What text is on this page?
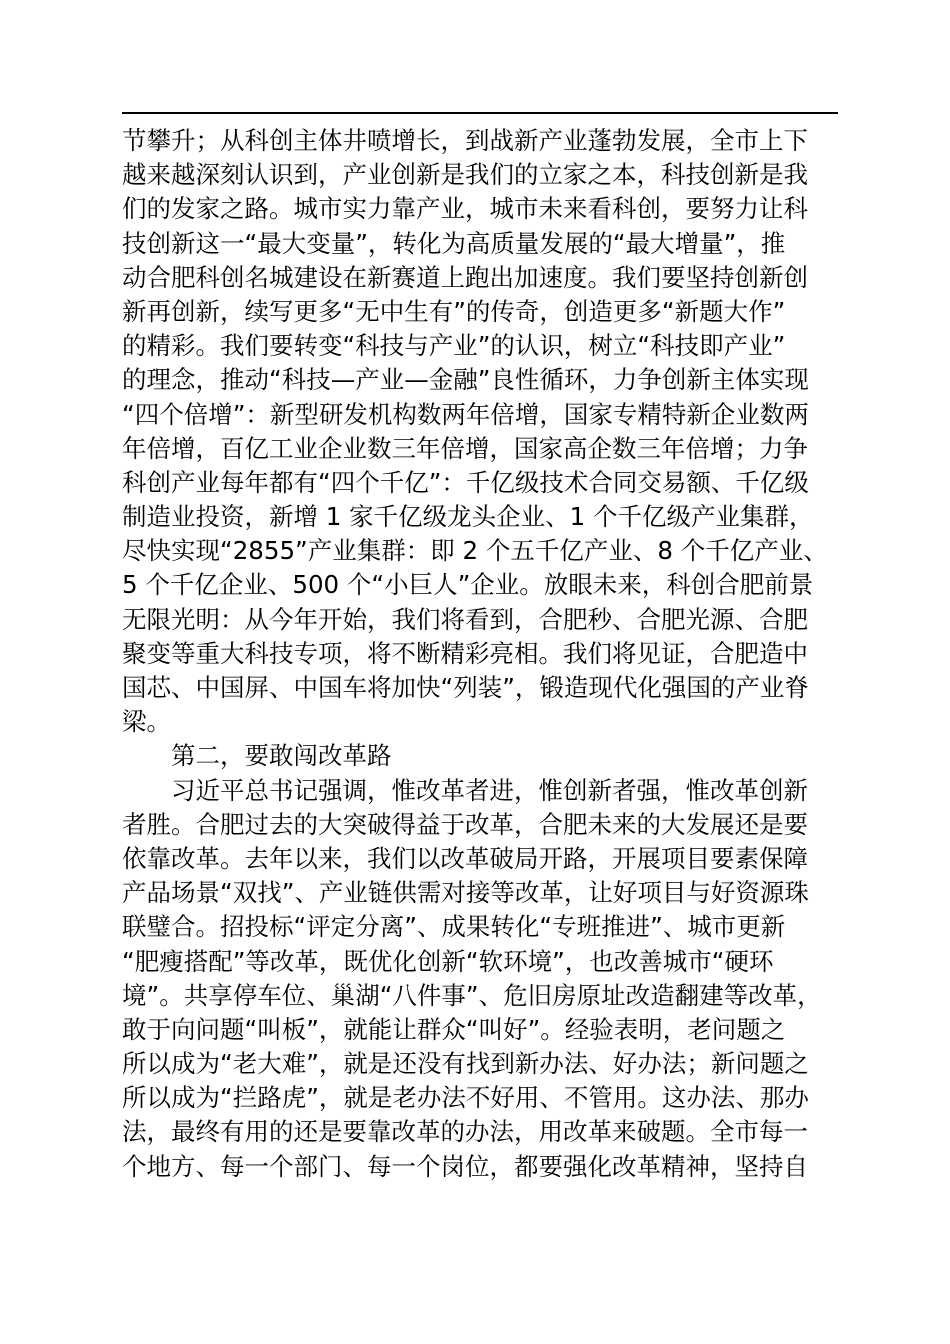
节攀升；从科创主体井喷增长，到战新产业蓬勃发展，全市上下
越来越深刻认识到，产业创新是我们的立家之本，科技创新是我
们的发家之路。城市实力靠产业，城市未来看科创，要努力让科
技创新这一“最大变量”，转化为高质量发展的“最大增量”，推
动合肥科创名城建设在新赛道上跑出加速度。我们要坚持创新创
新再创新，续写更多“无中生有”的传奇，创造更多“新题大作”
的精彩。我们要转变“科技与产业”的认识，树立“科技即产业”
的理念，推动“科技—产业—金融”良性循环，力争创新主体实现
“四个倍增”：新型研发机构数两年倍增，国家专精特新企业数两
年倍增，百亿工业企业数三年倍增，国家高企数三年倍增；力争
科创产业每年都有“四个千亿”：千亿级技术合同交易额、千亿级
制造业投资，新增 1 家千亿级龙头企业、1 个千亿级产业集群，
尽快实现“2855”产业集群：即 2 个五千亿产业、8 个千亿产业、
5 个千亿企业、500 个“小巨人”企业。放眼未来，科创合肥前景
无限光明：从今年开始，我们将看到，合肥秒、合肥光源、合肥
聚变等重大科技专项，将不断精彩亮相。我们将见证，合肥造中
国芯、中国屏、中国车将加快“列装”，锻造现代化强国的产业脊
梁。
第二，要敢闯改革路
习近平总书记强调，惟改革者进，惟创新者强，惟改革创新
者胜。合肥过去的大突破得益于改革，合肥未来的大发展还是要
依靠改革。去年以来，我们以改革破局开路，开展项目要素保障
产品场景“双找”、产业链供需对接等改革，让好项目与好资源珠
联璧合。招投标“评定分离”、成果转化“专班推进”、城市更新
“肥瘦搭配”等改革，既优化创新“软环境”，也改善城市“硬环
境”。共享停车位、巢湖“八件事”、危旧房原址改造翻建等改革，
敢于向问题“叫板”，就能让群众“叫好”。经验表明，老问题之
所以成为“老大难”，就是还没有找到新办法、好办法；新问题之
所以成为“拦路虎”，就是老办法不好用、不管用。这办法、那办
法，最终有用的还是要靠改革的办法，用改革来破题。全市每一
个地方、每一个部门、每一个岗位，都要强化改革精神，坚持自
